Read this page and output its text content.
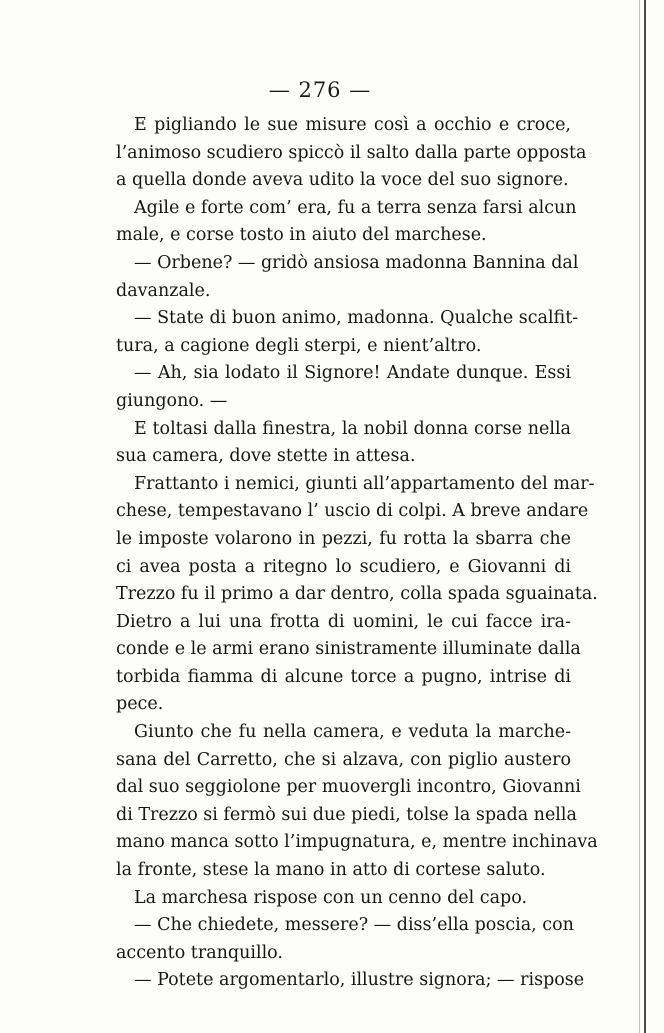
— 276 —
E pigliando le sue misure così a occhio e croce,
l’animoso scudiero spiccò il salto dalla parte opposta
a quella donde aveva udito la voce del suo signore.
Agile e forte com’ era, fu a terra senza farsi alcun
male, e corse tosto in aiuto del marchese.
— Orbene? — gridò ansiosa madonna Bannina dal
davanzale.
— State di buon animo, madonna. Qualche scalfit-
tura, a cagione degli sterpi, e nient’altro.
— Ah, sia lodato il Signore! Andate dunque. Essi
giungono. —
E toltasi dalla finestra, la nobil donna corse nella
sua camera, dove stette in attesa.
Frattanto i nemici, giunti all’appartamento del mar-
chese, tempestavano l’ uscio di colpi. A breve andare
le imposte volarono in pezzi, fu rotta la sbarra che
ci avea posta a ritegno lo scudiero, e Giovanni di
Trezzo fu il primo a dar dentro, colla spada sguainata.
Dietro a lui una frotta di uomini, le cui facce ira-
conde e le armi erano sinistramente illuminate dalla
torbida fiamma di alcune torce a pugno, intrise di
pece.
Giunto che fu nella camera, e veduta la marche-
sana del Carretto, che si alzava, con piglio austero
dal suo seggiolone per muovergli incontro, Giovanni
di Trezzo si fermò sui due piedi, tolse la spada nella
mano manca sotto l’impugnatura, e, mentre inchinava
la fronte, stese la mano in atto di cortese saluto.
La marchesa rispose con un cenno del capo.
— Che chiedete, messere? — diss’ella poscia, con
accento tranquillo.
— Potete argomentarlo, illustre signora; — rispose
